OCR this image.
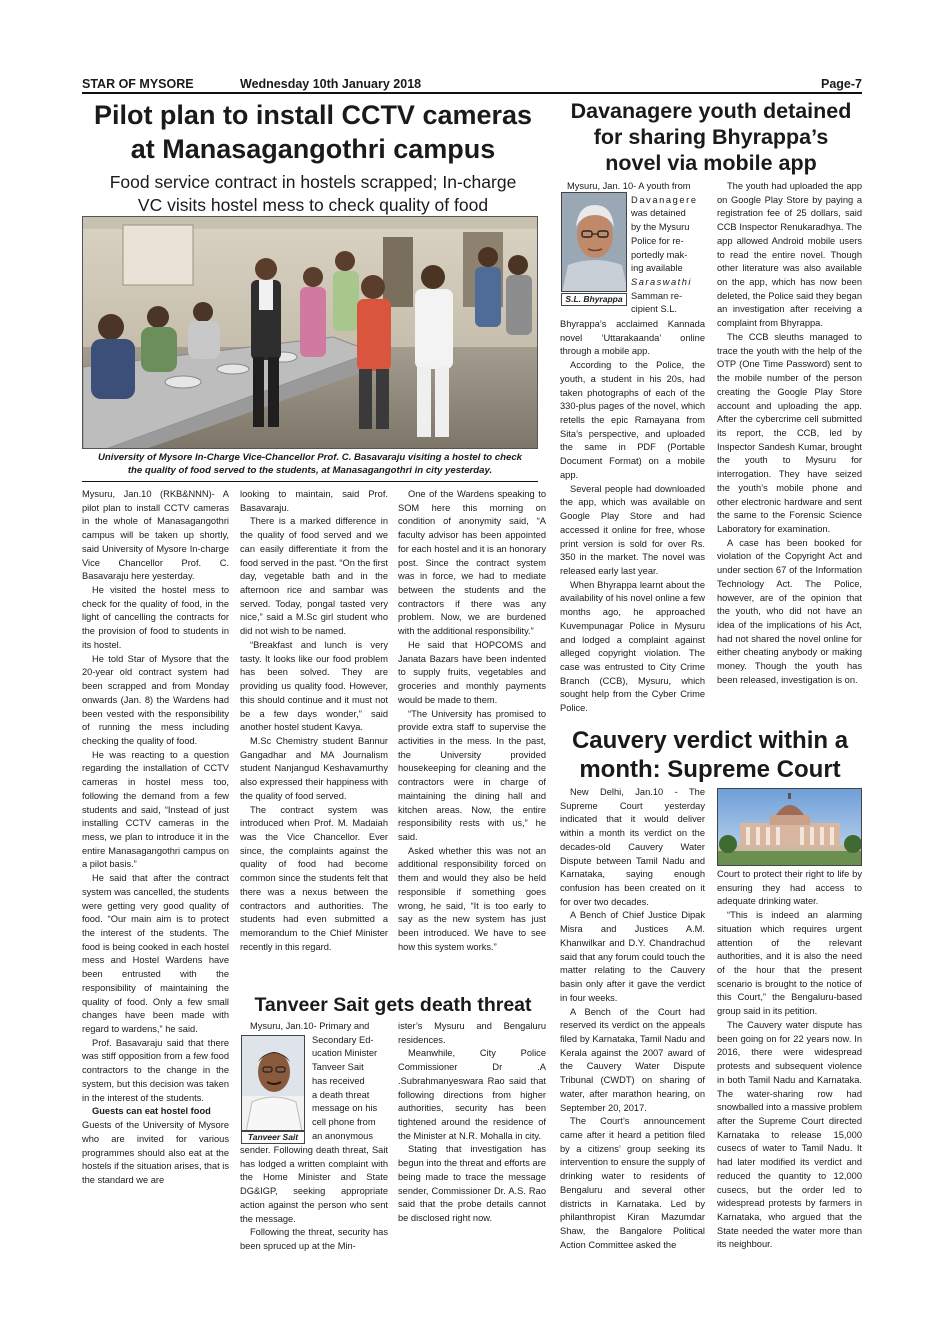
STAR OF MYSORE	Wednesday 10th January 2018	Page-7
Pilot plan to install CCTV cameras
at Manasagangothri campus
Food service contract in hostels scrapped; In-charge
VC visits hostel mess to check quality of food
University of Mysore In-Charge Vice-Chancellor Prof. C. Basavaraju visiting a hostel to check
the quality of food served to the students, at Manasagangothri in city yesterday.

Mysuru, Jan.10 (RKB&NNN)- A pilot plan to install CCTV cameras in the whole of Manasagangothri campus will be taken up shortly, said University of Mysore In-charge Vice Chancellor Prof. C. Basavaraju here yesterday.

He visited the hostel mess to check for the quality of food, in the light of cancelling the contracts for the provision of food to students in its hostel.

He told Star of Mysore that the 20-year old contract system had been scrapped and from Monday onwards (Jan. 8) the Wardens had been vested with the responsibility of running the mess including checking the quality of food.

He was reacting to a question regarding the installation of CCTV cameras in hostel mess too, following the demand from a few students and said, “Instead of just installing CCTV cameras in the mess, we plan to introduce it in the entire Manasagangothri campus on a pilot basis.”

He said that after the contract system was cancelled, the students were getting very good quality of food. “Our main aim is to protect the interest of the students. The food is being cooked in each hostel mess and Hostel Wardens have been entrusted with the responsibility of maintaining the quality of food. Only a few small changes have been made with regard to wardens,” he said.

Prof. Basavaraju said that there was stiff opposition from a few food contractors to the change in the system, but this decision was taken in the interest of the students.

Guests can eat hostel food

Guests of the University of Mysore who are invited for various programmes should also eat at the hostels if the situation arises, that is the standard we are

looking to maintain, said Prof. Basavaraju.

There is a marked difference in the quality of food served and we can easily differentiate it from the food served in the past. “On the first day, vegetable bath and in the afternoon rice and sambar was served. Today, pongal tasted very nice,” said a M.Sc girl student who did not wish to be named.

“Breakfast and lunch is very tasty. It looks like our food problem has been solved. They are providing us quality food. However, this should continue and it must not be a few days wonder,” said another hostel student Kavya.

M.Sc Chemistry student Bannur Gangadhar and MA Journalism student Nanjangud Keshavamurthy also expressed their happiness with the quality of food served.

The contract system was introduced when Prof. M. Madaiah was the Vice Chancellor. Ever since, the complaints against the quality of food had become common since the students felt that there was a nexus between the contractors and authorities. The students had even submitted a memorandum to the Chief Minister recently in this regard.

One of the Wardens speaking to SOM here this morning on condition of anonymity said, “A faculty advisor has been appointed for each hostel and it is an honorary post. Since the contract system was in force, we had to mediate between the students and the contractors if there was any problem. Now, we are burdened with the additional responsibility.”

He said that HOPCOMS and Janata Bazars have been indented to supply fruits, vegetables and groceries and monthly payments would be made to them.

“The University has promised to provide extra staff to supervise the activities in the mess. In the past, the University provided housekeeping for cleaning and the contractors were in charge of maintaining the dining hall and kitchen areas. Now, the entire responsibility rests with us,” he said.

Asked whether this was not an additional responsibility forced on them and would they also be held responsible if something goes wrong, he said, “It is too early to say as the new system has just been introduced. We have to see how this system works.”

Tanveer Sait gets death threat
Tanveer Sait
Mysuru, Jan.10- Primary and
Secondary Ed-
ucation Minister
Tanveer Sait
has received
a death threat
message on his
cell phone from
an anonymous

sender. Following death threat, Sait has lodged a written complaint with the Home Minister and State DG&IGP, seeking appropriate action against the person who sent the message.

Following the threat, security has been spruced up at the Min-

ister’s Mysuru and Bengaluru residences.

Meanwhile, City Police Commissioner Dr .A .Subrahmanyeswara Rao said that following directions from higher authorities, security has been tightened around the residence of the Minister at N.R. Mohalla in city.

Stating that investigation has begun into the threat and efforts are being made to trace the message sender, Commissioner Dr. A.S. Rao said that the probe details cannot be disclosed right now.

Davanagere youth detained
for sharing Bhyrappa’s
novel via mobile app
S.L. Bhyrappa
Mysuru, Jan. 10- A youth from
Davanagere
was detained
by the Mysuru
Police for re-
portedly mak-
ing available
Saraswathi
Samman re-
cipient S.L.

Bhyrappa’s acclaimed Kannada novel ‘Uttarakaanda’ online through a mobile app.

According to the Police, the youth, a student in his 20s, had taken photographs of each of the 330-plus pages of the novel, which retells the epic Ramayana from Sita’s perspective, and uploaded the same in PDF (Portable Document Format) on a mobile app.

Several people had downloaded the app, which was available on Google Play Store and had accessed it online for free, whose print version is sold for over Rs. 350 in the market. The novel was released early last year.

When Bhyrappa learnt about the availability of his novel online a few months ago, he approached Kuvempunagar Police in Mysuru and lodged a complaint against alleged copyright violation. The case was entrusted to City Crime Branch (CCB), Mysuru, which sought help from the Cyber Crime Police.

The youth had uploaded the app on Google Play Store by paying a registration fee of 25 dollars, said CCB Inspector Renukaradhya. The app allowed Android mobile users to read the entire novel. Though other literature was also available on the app, which has now been deleted, the Police said they began an investigation after receiving a complaint from Bhyrappa.

The CCB sleuths managed to trace the youth with the help of the OTP (One Time Password) sent to the mobile number of the person creating the Google Play Store account and uploading the app. After the cybercrime cell submitted its report, the CCB, led by Inspector Sandesh Kumar, brought the youth to Mysuru for interrogation. They have seized the youth’s mobile phone and other electronic hardware and sent the same to the Forensic Science Laboratory for examination.

A case has been booked for violation of the Copyright Act and under section 67 of the Information Technology Act. The Police, however, are of the opinion that the youth, who did not have an idea of the implications of his Act, had not shared the novel online for either cheating anybody or making money. Though the youth has been released, investigation is on.

Cauvery verdict within a
month: Supreme Court

New Delhi, Jan.10 - The Supreme Court yesterday indicated that it would deliver within a month its verdict on the decades-old Cauvery Water Dispute between Tamil Nadu and Karnataka, saying enough confusion has been created on it for over two decades.

A Bench of Chief Justice Dipak Misra and Justices A.M. Khanwilkar and D.Y. Chandrachud said that any forum could touch the matter relating to the Cauvery basin only after it gave the verdict in four weeks.

A Bench of the Court had reserved its verdict on the appeals filed by Karnataka, Tamil Nadu and Kerala against the 2007 award of the Cauvery Water Dispute Tribunal (CWDT) on sharing of water, after marathon hearing, on September 20, 2017.

The Court’s announcement came after it heard a petition filed by a citizens’ group seeking its intervention to ensure the supply of drinking water to residents of Bengaluru and several other districts in Karnataka. Led by philanthropist Kiran Mazumdar Shaw, the Bangalore Political Action Committee asked the

Court to protect their right to life by ensuring they had access to adequate drinking water.

“This is indeed an alarming situation which requires urgent attention of the relevant authorities, and it is also the need of the hour that the present scenario is brought to the notice of this Court,” the Bengaluru-based group said in its petition.

The Cauvery water dispute has been going on for 22 years now. In 2016, there were widespread protests and subsequent violence in both Tamil Nadu and Karnataka. The water-sharing row had snowballed into a massive problem after the Supreme Court directed Karnataka to release 15,000 cusecs of water to Tamil Nadu. It had later modified its verdict and reduced the quantity to 12,000 cusecs, but the order led to widespread protests by farmers in Karnataka, who argued that the State needed the water more than its neighbour.
